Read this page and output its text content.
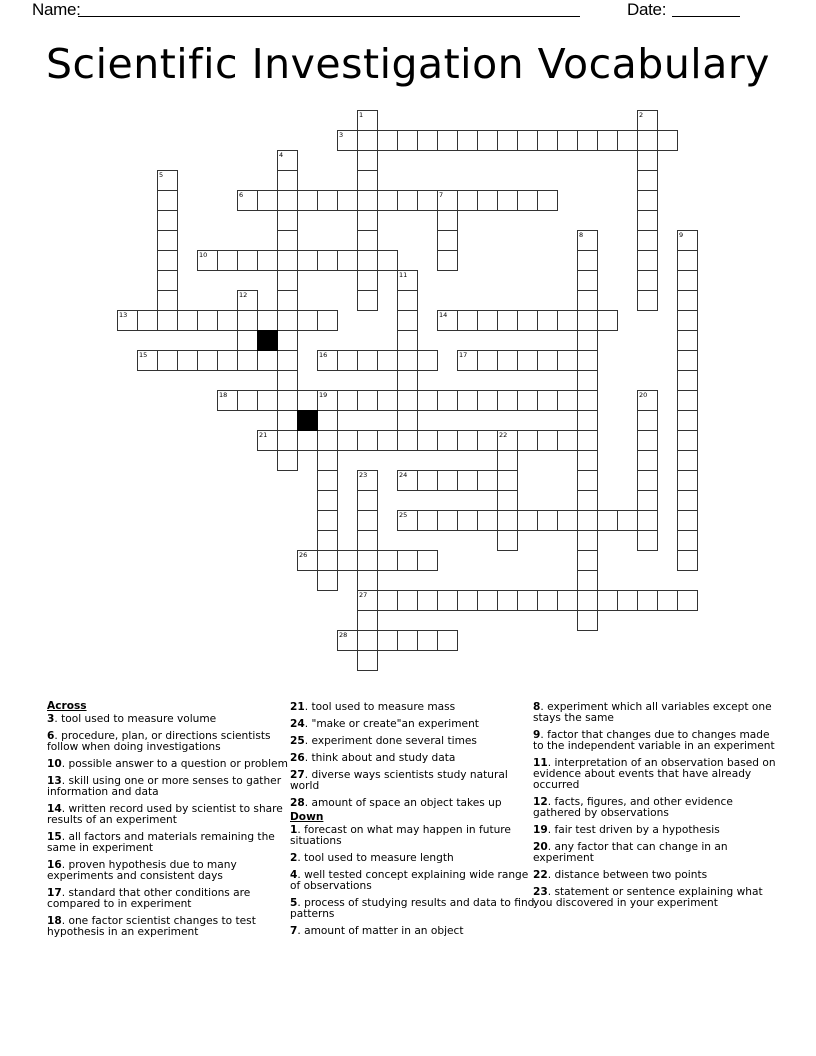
Name:	Date:
Scientific Investigation Vocabulary
1	2
3
4
5
6	7
8	9
10
11
12
13	14
15	16	17
18	19	20
21	22
23
27
24
25
26
28
Across
3. tool used to measure volume
6. procedure, plan, or directions scientists follow when doing investigations
10. possible answer to a question or problem
13. skill using one or more senses to gather information and data
14. written record used by scientist to share results of an experiment
15. all factors and materials remaining the same in experiment
16. proven hypothesis due to many experiments and consistent days
17. standard that other conditions are compared to in experiment
18. one factor scientist changes to test hypothesis in an experiment
21. tool used to measure mass
24. "make or create"an experiment
25. experiment done several times
26. think about and study data
27. diverse ways scientists study natural world
28. amount of space an object takes up
Down
1. forecast on what may happen in future situations
2. tool used to measure length
4. well tested concept explaining wide range of observations
5. process of studying results and data to find patterns
7. amount of matter in an object
8. experiment which all variables except one stays the same
9. factor that changes due to changes made to the independent variable in an experiment
11. interpretation of an observation based on evidence about events that have already occurred
12. facts, figures, and other evidence gathered by observations
19. fair test driven by a hypothesis
20. any factor that can change in an experiment
22. distance between two points
23. statement or sentence explaining what you discovered in your experiment
